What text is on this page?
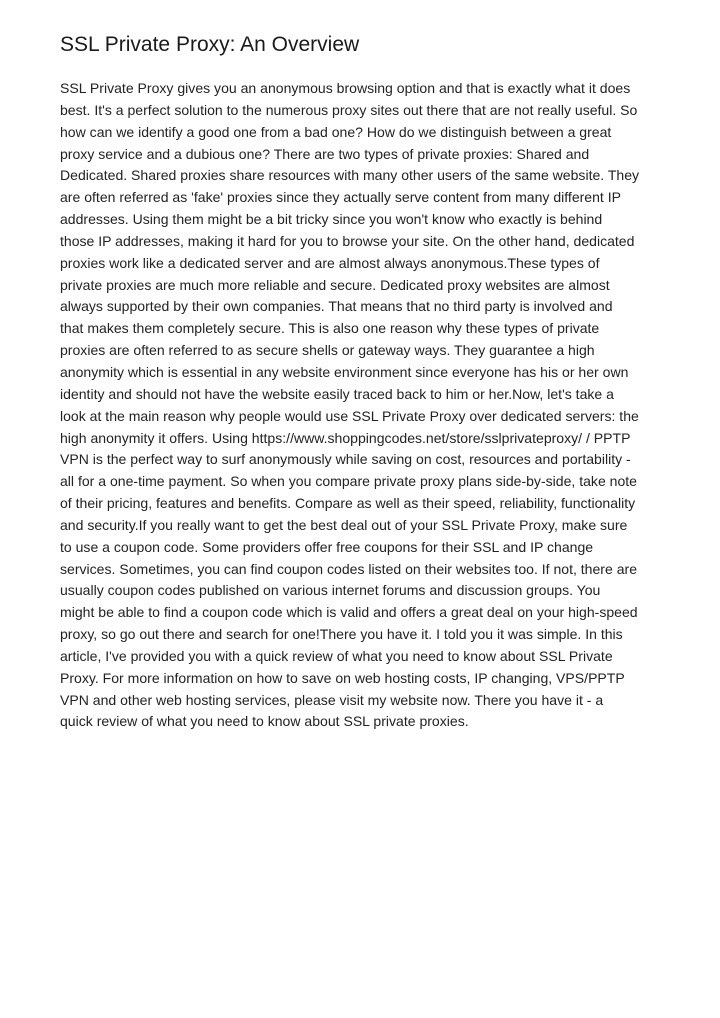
SSL Private Proxy: An Overview

SSL Private Proxy gives you an anonymous browsing option and that is exactly what it does
best. It's a perfect solution to the numerous proxy sites out there that are not really useful. So
how can we identify a good one from a bad one? How do we distinguish between a great
proxy service and a dubious one? There are two types of private proxies: Shared and
Dedicated. Shared proxies share resources with many other users of the same website. They
are often referred as 'fake' proxies since they actually serve content from many different IP
addresses. Using them might be a bit tricky since you won't know who exactly is behind
those IP addresses, making it hard for you to browse your site. On the other hand, dedicated
proxies work like a dedicated server and are almost always anonymous.These types of
private proxies are much more reliable and secure. Dedicated proxy websites are almost
always supported by their own companies. That means that no third party is involved and
that makes them completely secure. This is also one reason why these types of private
proxies are often referred to as secure shells or gateway ways. They guarantee a high
anonymity which is essential in any website environment since everyone has his or her own
identity and should not have the website easily traced back to him or her.Now, let's take a
look at the main reason why people would use SSL Private Proxy over dedicated servers: the
high anonymity it offers. Using https://www.shoppingcodes.net/store/sslprivateproxy/ / PPTP
VPN is the perfect way to surf anonymously while saving on cost, resources and portability -
all for a one-time payment. So when you compare private proxy plans side-by-side, take note
of their pricing, features and benefits. Compare as well as their speed, reliability, functionality
and security.If you really want to get the best deal out of your SSL Private Proxy, make sure
to use a coupon code. Some providers offer free coupons for their SSL and IP change
services. Sometimes, you can find coupon codes listed on their websites too. If not, there are
usually coupon codes published on various internet forums and discussion groups. You
might be able to find a coupon code which is valid and offers a great deal on your high-speed
proxy, so go out there and search for one!There you have it. I told you it was simple. In this
article, I've provided you with a quick review of what you need to know about SSL Private
Proxy. For more information on how to save on web hosting costs, IP changing, VPS/PPTP
VPN and other web hosting services, please visit my website now. There you have it - a
quick review of what you need to know about SSL private proxies.
